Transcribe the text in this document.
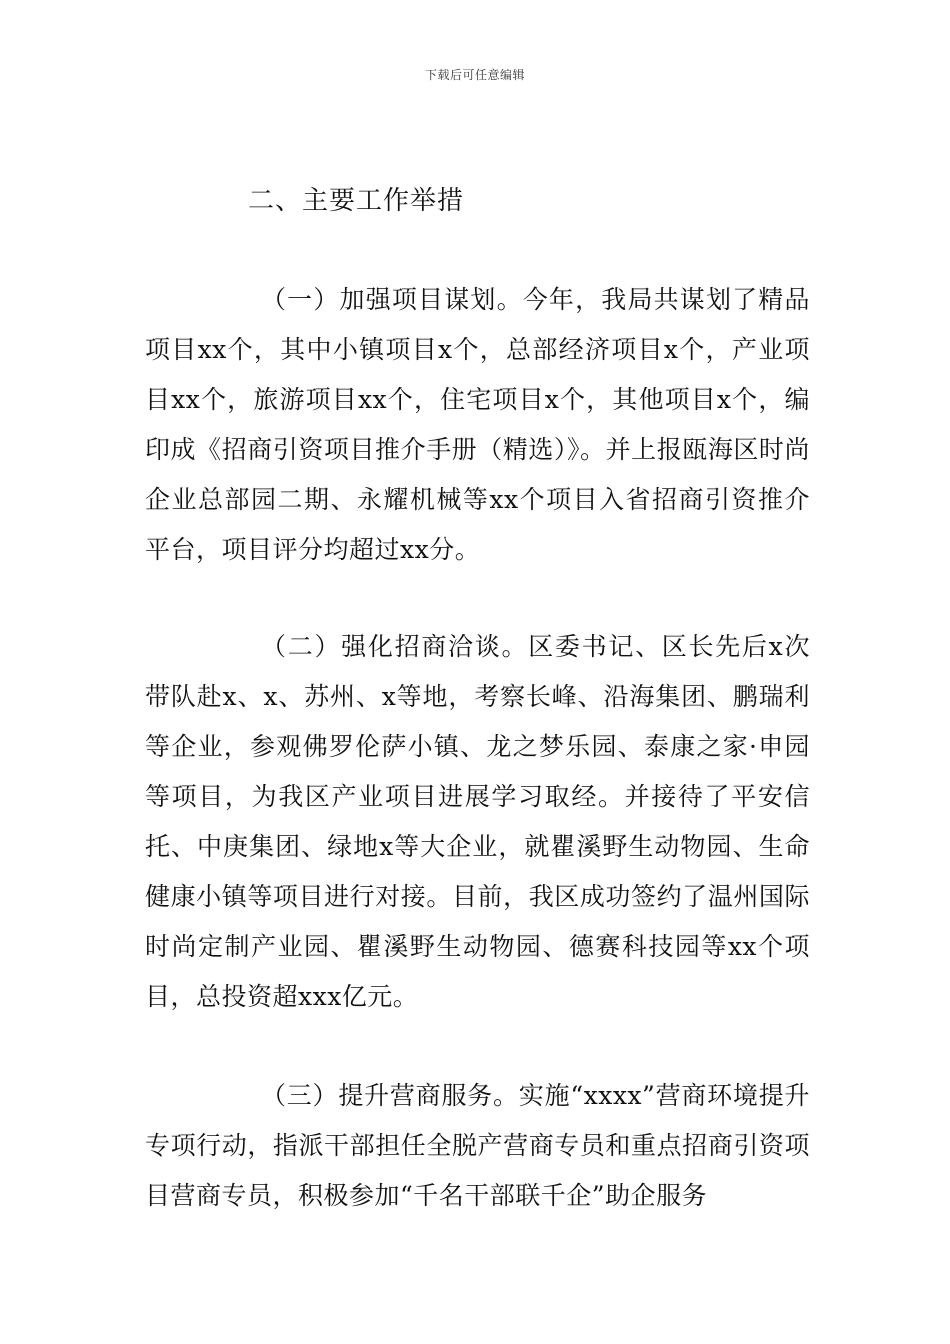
下载后可任意编辑
二、主要工作举措

（一）加强项目谋划。今年，我局共谋划了精品项目xx个，其中小镇项目x个，总部经济项目x个，产业项目xx个，旅游项目xx个，住宅项目x个，其他项目x个，编印成《招商引资项目推介手册（精选）》。并上报瓯海区时尚企业总部园二期、永耀机械等xx个项目入省招商引资推介平台，项目评分均超过xx分。

（二）强化招商洽谈。区委书记、区长先后x次带队赴x、x、苏州、x等地，考察长峰、沿海集团、鹏瑞利等企业，参观佛罗伦萨小镇、龙之梦乐园、泰康之家·申园等项目，为我区产业项目进展学习取经。并接待了平安信托、中庚集团、绿地x等大企业，就瞿溪野生动物园、生命健康小镇等项目进行对接。目前，我区成功签约了温州国际时尚定制产业园、瞿溪野生动物园、德赛科技园等xx个项目，总投资超xxx亿元。

（三）提升营商服务。实施“xxxx”营商环境提升专项行动，指派干部担任全脱产营商专员和重点招商引资项目营商专员，积极参加“千名干部联千企”助企服务
